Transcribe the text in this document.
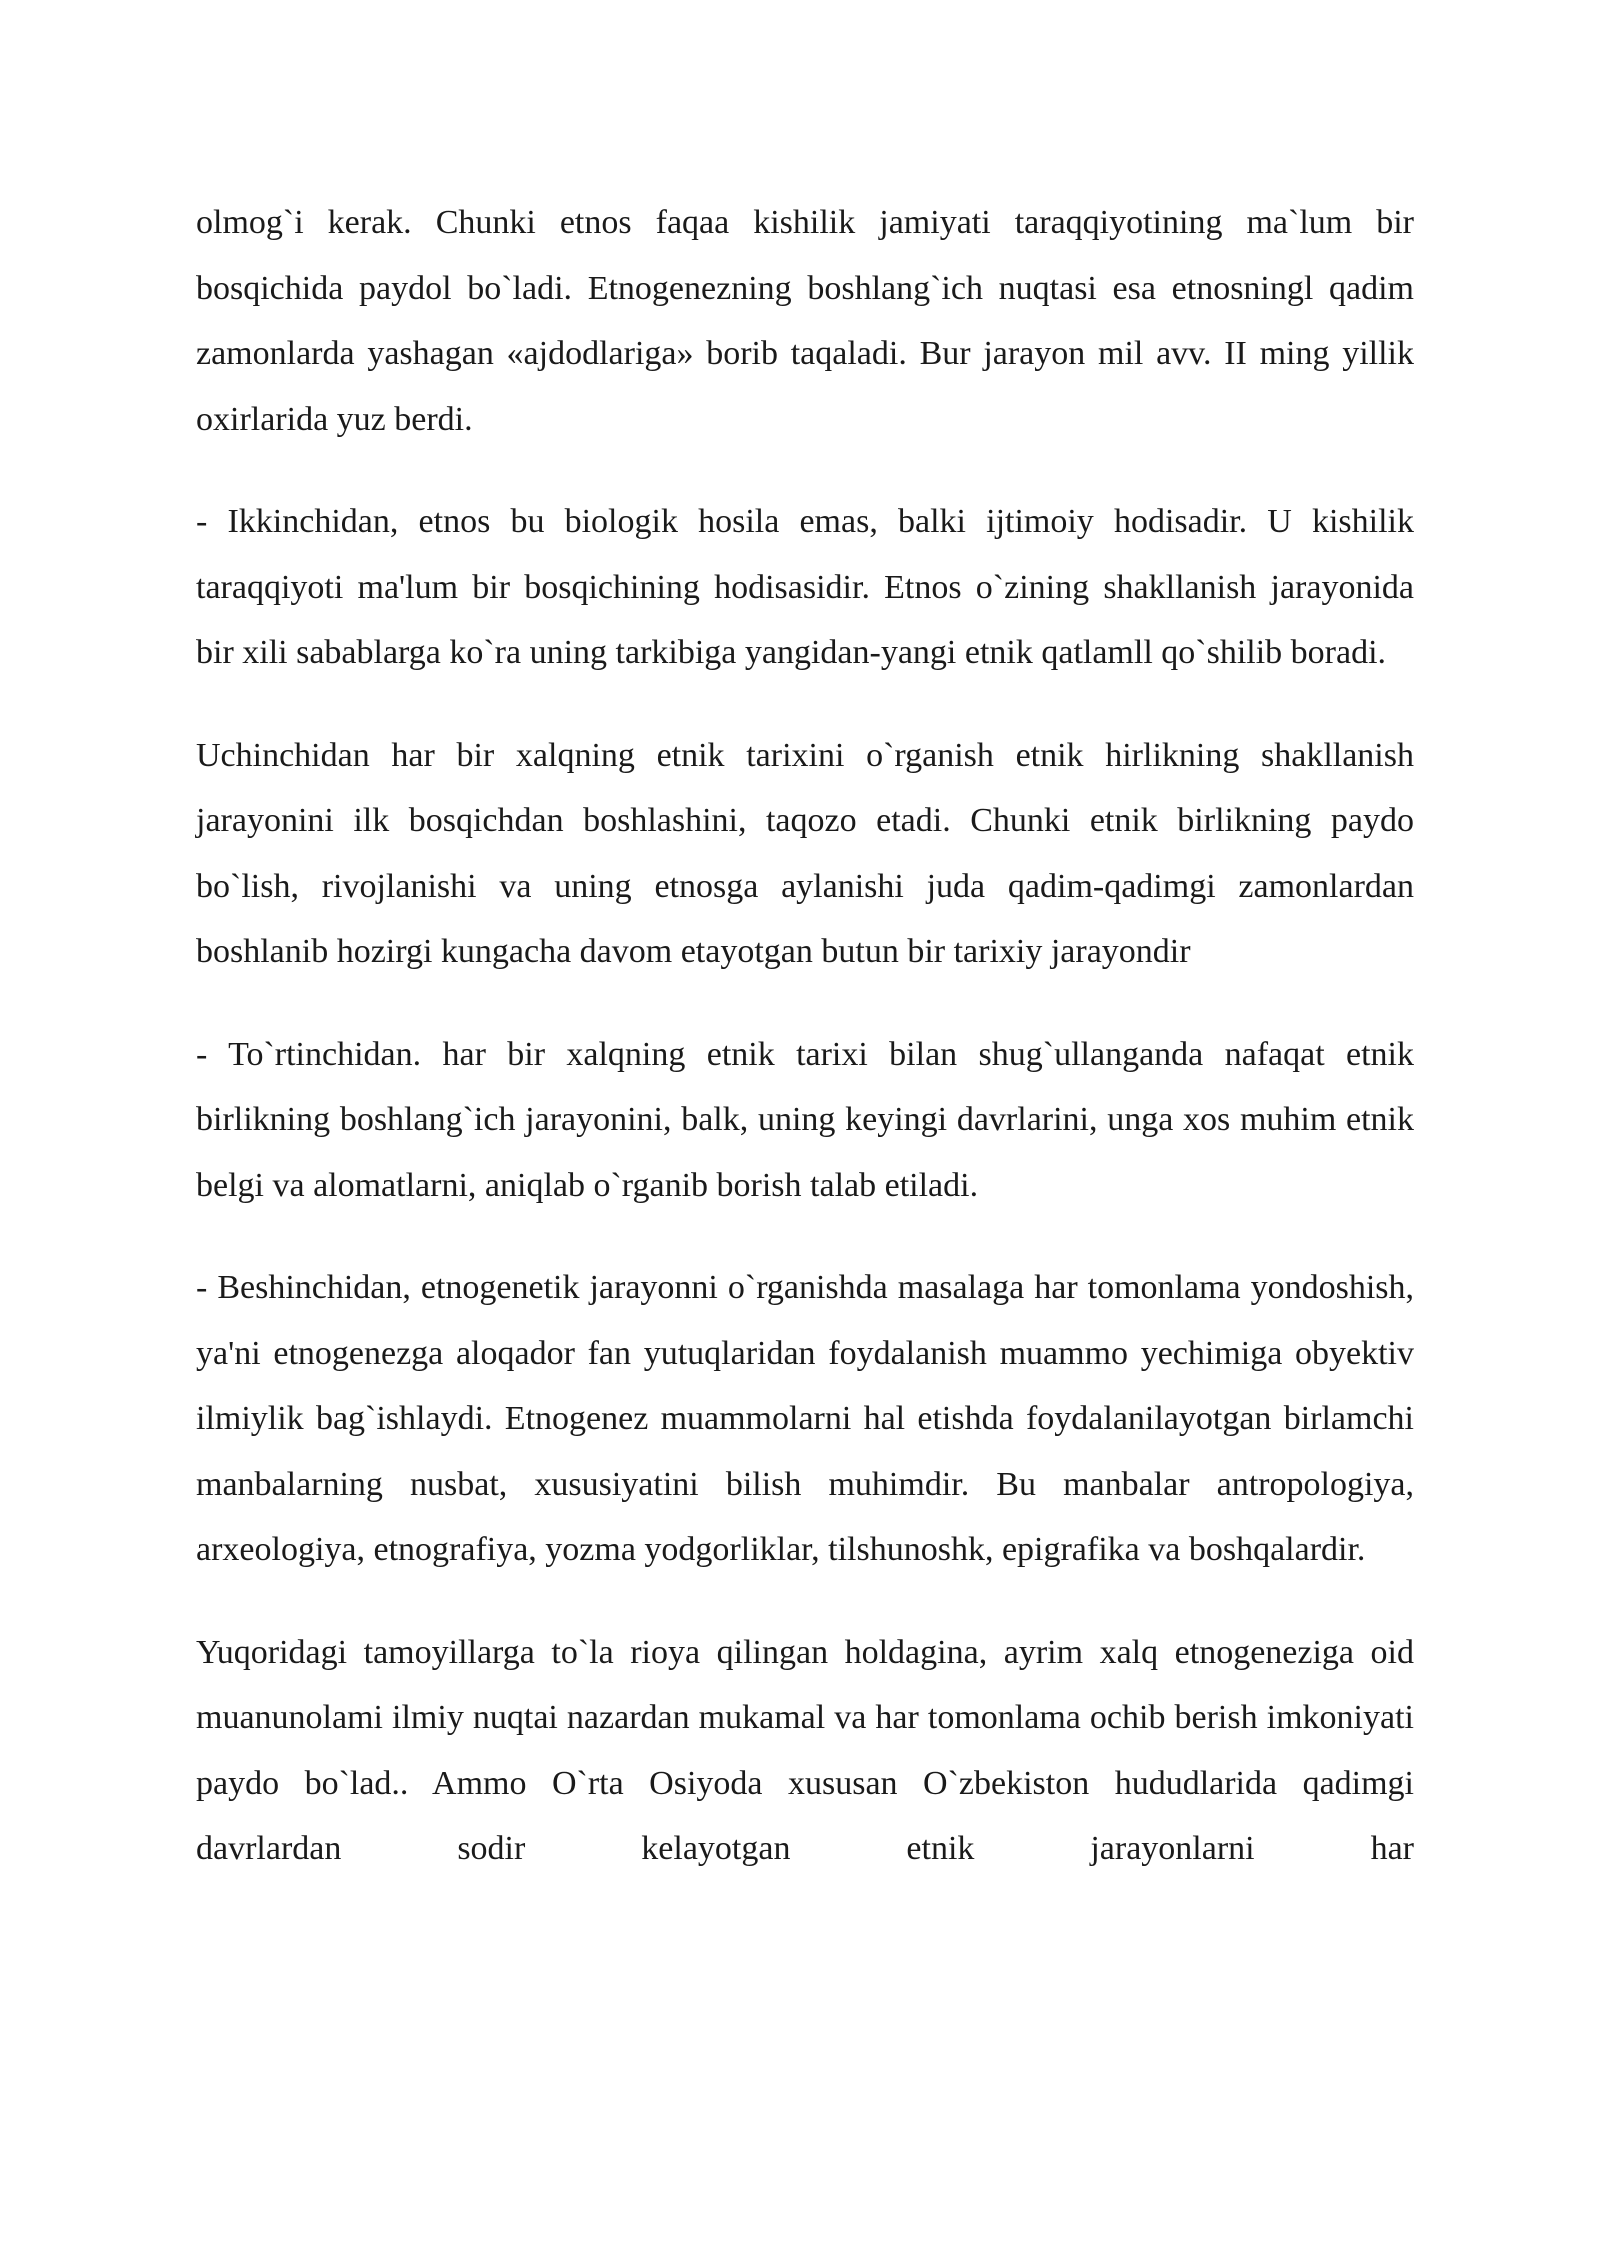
olmog`i kerak. Chunki etnos faqaa kishilik jamiyati taraqqiyotining ma`lum bir bosqichida paydol bo`ladi. Etnogenezning boshlang`ich nuqtasi esa etnosningl qadim zamonlarda yashagan «ajdodlariga» borib taqaladi. Bur jarayon mil avv. II ming yillik oxirlarida yuz berdi.

- Ikkinchidan, etnos bu biologik hosila emas, balki ijtimoiy hodisadir. U kishilik taraqqiyoti ma'lum bir bosqichining hodisasidir. Etnos o`zining shakllanish jarayonida bir xili sabablarga ko`ra uning tarkibiga yangidan-yangi etnik qatlamll qo`shilib boradi.

Uchinchidan har bir xalqning etnik tarixini o`rganish etnik hirlikning shakllanish jarayonini ilk bosqichdan boshlashini, taqozo etadi. Chunki etnik birlikning paydo bo`lish, rivojlanishi va uning etnosga aylanishi juda qadim-qadimgi zamonlardan boshlanib hozirgi kungacha davom etayotgan butun bir tarixiy jarayondir

- To`rtinchidan. har bir xalqning etnik tarixi bilan shug`ullanganda nafaqat etnik birlikning boshlang`ich jarayonini, balk, uning keyingi davrlarini, unga xos muhim etnik belgi va alomatlarni, aniqlab o`rganib borish talab etiladi.

- Beshinchidan, etnogenetik jarayonni o`rganishda masalaga har tomonlama yondoshish, ya'ni etnogenezga aloqador fan yutuqlaridan foydalanish muammo yechimiga obyektiv ilmiylik bag`ishlaydi. Etnogenez muammolarni hal etishda foydalanilayotgan birlamchi manbalarning nusbat, xususiyatini bilish muhimdir. Bu manbalar antropologiya, arxeologiya, etnografiya, yozma yodgorliklar, tilshunoshk, epigrafika va boshqalardir.

Yuqoridagi tamoyillarga to`la rioya qilingan holdagina, ayrim xalq etnogeneziga oid muanunolami ilmiy nuqtai nazardan mukamal va har tomonlama ochib berish imkoniyati paydo bo`lad.. Ammo O`rta Osiyoda xususan O`zbekiston hududlarida qadimgi davrlardan sodir kelayotgan etnik jarayonlarni har
